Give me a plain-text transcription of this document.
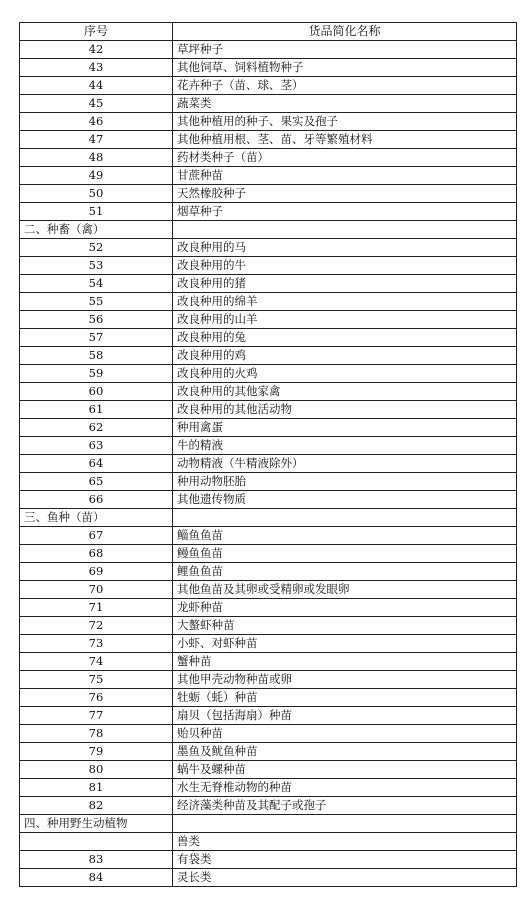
序号	货品简化名称
42	草坪种子
43	其他饲草、饲料植物种子
44	花卉种子（苗、球、茎）
45	蔬菜类
46	其他种植用的种子、果实及孢子
47	其他种植用根、茎、苗、牙等繁殖材料
48	药材类种子（苗）
49	甘蔗种苗
50	天然橡胶种子
51	烟草种子
二、种畜（禽）	
52	改良种用的马
53	改良种用的牛
54	改良种用的猪
55	改良种用的绵羊
56	改良种用的山羊
57	改良种用的兔
58	改良种用的鸡
59	改良种用的火鸡
60	改良种用的其他家禽
61	改良种用的其他活动物
62	种用禽蛋
63	牛的精液
64	动物精液（牛精液除外）
65	种用动物胚胎
66	其他遗传物质
三、鱼种（苗）	
67	鲻鱼鱼苗
68	鳗鱼鱼苗
69	鲤鱼鱼苗
70	其他鱼苗及其卵或受精卵或发眼卵
71	龙虾种苗
72	大螯虾种苗
73	小虾、对虾种苗
74	蟹种苗
75	其他甲壳动物种苗或卵
76	牡蛎（蚝）种苗
77	扇贝（包括海扇）种苗
78	贻贝种苗
79	墨鱼及鱿鱼种苗
80	蜗牛及螺种苗
81	水生无脊椎动物的种苗
82	经济藻类种苗及其配子或孢子
四、种用野生动植物	
	兽类
83	有袋类
84	灵长类
